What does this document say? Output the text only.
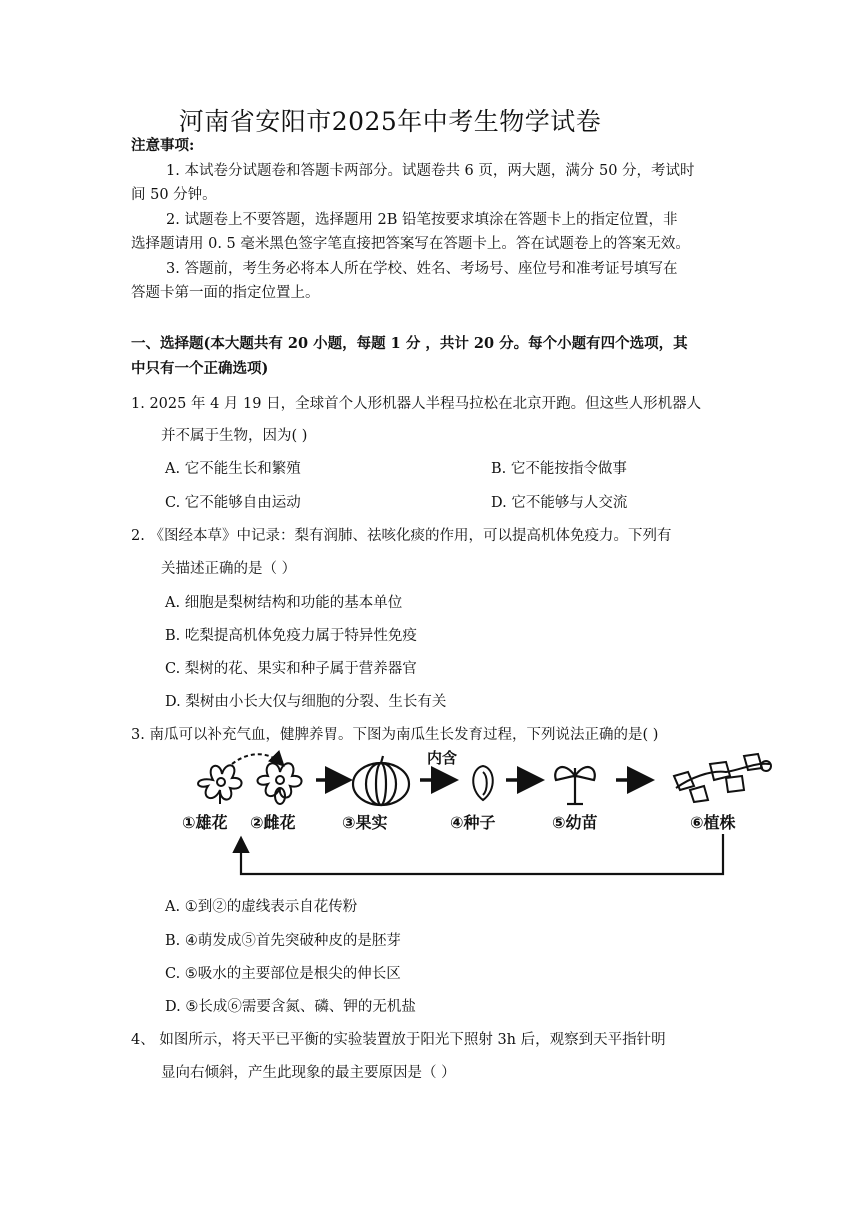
河南省安阳市2025年中考生物学试卷
注意事项:
1. 本试卷分试题卷和答题卡两部分。试题卷共 6 页，两大题，满分 50 分，考试时
间 50 分钟。
2. 试题卷上不要答题，选择题用 2B 铅笔按要求填涂在答题卡上的指定位置，非
选择题请用 0. 5 毫米黑色签字笔直接把答案写在答题卡上。答在试题卷上的答案无效。
3. 答题前，考生务必将本人所在学校、姓名、考场号、座位号和准考证号填写在
答题卡第一面的指定位置上。
一、选择题(本大题共有 20 小题，每题 1 分 ，共计 20 分。每个小题有四个选项，其
中只有一个正确选项)
1. 2025 年 4 月 19 日，全球首个人形机器人半程马拉松在北京开跑。但这些人形机器人
并不属于生物，因为( )
A. 它不能生长和繁殖	B. 它不能按指令做事
C. 它不能够自由运动	D. 它不能够与人交流
2. 《图经本草》中记录：梨有润肺、祛咳化痰的作用，可以提高机体免疫力。下列有
关描述正确的是（ ）
A. 细胞是梨树结构和功能的基本单位
B. 吃梨提高机体免疫力属于特异性免疫
C. 梨树的花、果实和种子属于营养器官
D. 梨树由小长大仅与细胞的分裂、生长有关
3. 南瓜可以补充气血，健脾养胃。下图为南瓜生长发育过程，下列说法正确的是( )
内含
①雄花 ②雌花	③果实	④种子	⑤幼苗	⑥植株
A. ①到②的虚线表示自花传粉
B. ④萌发成⑤首先突破种皮的是胚芽
C. ⑤吸水的主要部位是根尖的伸长区
D. ⑤长成⑥需要含氮、磷、钾的无机盐
4、 如图所示，将天平已平衡的实验装置放于阳光下照射 3h 后，观察到天平指针明
显向右倾斜，产生此现象的最主要原因是（ ）
